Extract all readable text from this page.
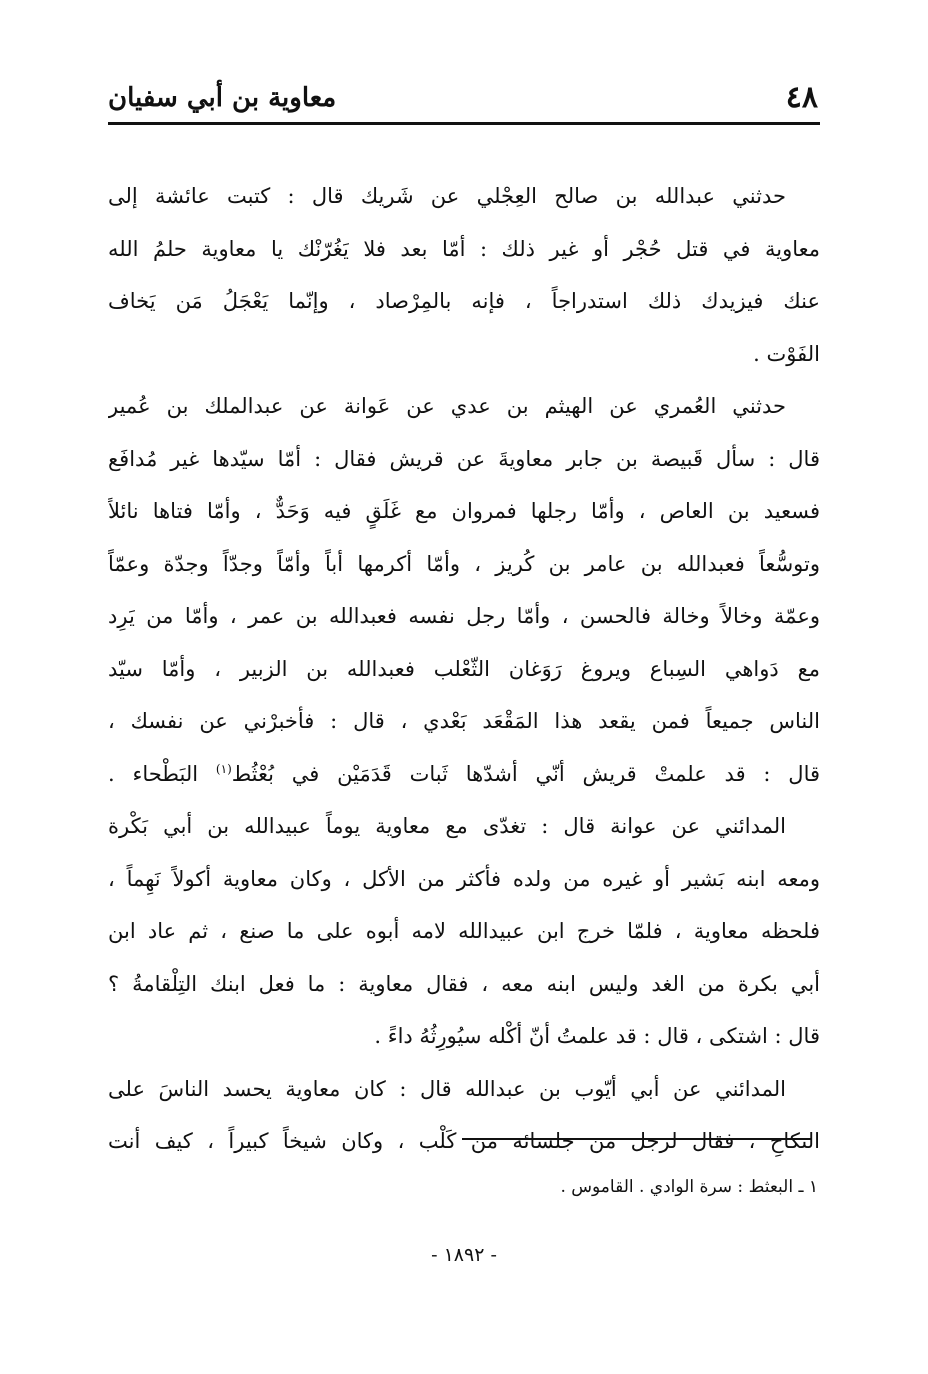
٤٨
معاوية بن أبي سفيان
حدثني عبدالله بن صالح العِجْلي عن شَريك قال : كتبت عائشة إلى
معاوية في قتل حُجْر أو غير ذلك : أمّا بعد فلا يَغُرّنْك يا معاوية حلمُ الله
عنك فيزيدك ذلك استدراجاً ، فإنه بالمِرْصاد ، وإنّما يَعْجَلُ مَن يَخاف
الفَوْت .
حدثني العُمري عن الهيثم بن عدي عن عَوانة عن عبدالملك بن عُمير
قال : سأل قَبيصة بن جابر معاويةَ عن قريش فقال : أمّا سيّدها غير مُدافَع
فسعيد بن العاص ، وأمّا رجلها فمروان مع غَلَقٍ فيه وَحَدٌّ ، وأمّا فتاها نائلاً
وتوسُّعاً فعبدالله بن عامر بن كُريز ، وأمّا أكرمها أباً وأمّاً وجدّاً وجدّة وعمّاً
وعمّة وخالاً وخالة فالحسن ، وأمّا رجل نفسه فعبدالله بن عمر ، وأمّا من يَرِد
مع دَواهي السِباع ويروغ رَوَغان الثّعْلب فعبدالله بن الزبير ، وأمّا سيّد
الناس جميعاً فمن يقعد هذا المَقْعَد بَعْدي ، قال : فأخبرْني عن نفسك ،
قال : قد علمتْ قريش أنّي أشدّها ثَبات قَدَمَيْن في بُعْثُط$^{(١)}$ البَطْحاء .
المدائني عن عوانة قال : تغدّى مع معاوية يوماً عبيدالله بن أبي بَكْرة
ومعه ابنه بَشير أو غيره من ولده فأكثر من الأكل ، وكان معاوية أكولاً نَهِماً ،
فلحظه معاوية ، فلمّا خرج ابن عبيدالله لامه أبوه على ما صنع ، ثم عاد ابن
أبي بكرة من الغد وليس ابنه معه ، فقال معاوية : ما فعل ابنك التِلْقامةُ ؟
قال : اشتكى ، قال : قد علمتُ أنّ أكْله سيُورِثُهُ داءً .
المدائني عن أبي أيّوب بن عبدالله قال : كان معاوية يحسد الناسَ على
النكاحِ ، فقال لرجل من جلسائه من كَلْب ، وكان شيخاً كبيراً ، كيف أنت
١ ـ البعثط : سرة الوادي . القاموس .
- ١٨٩٢ -
